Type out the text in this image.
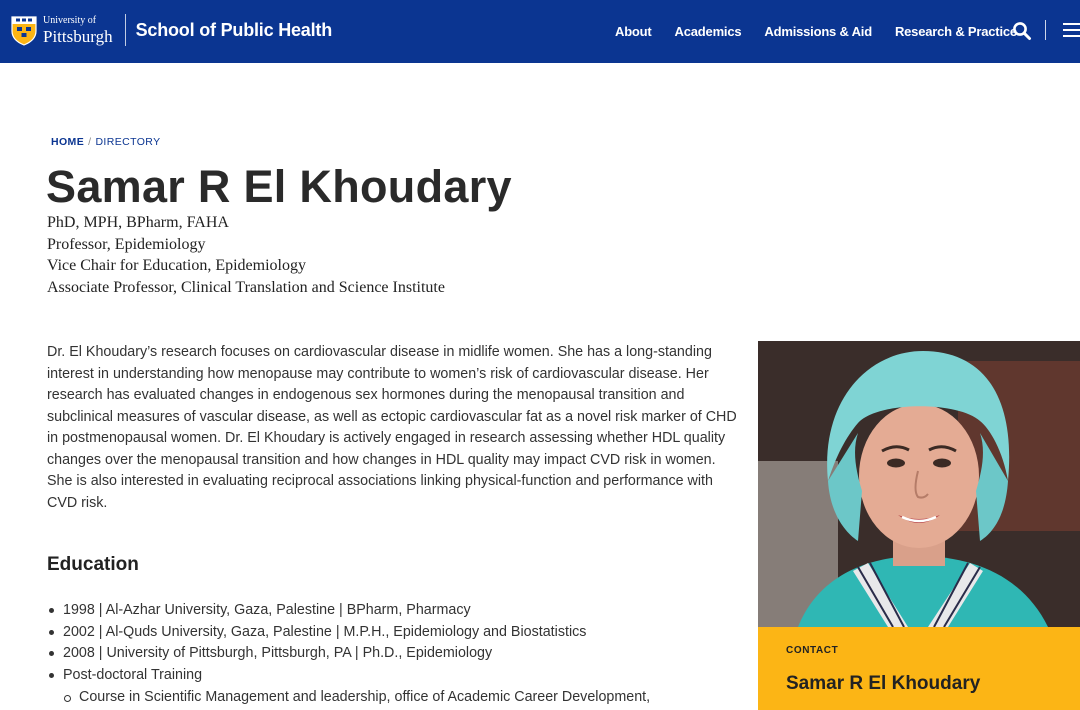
University of
Pittsburgh School of Public Health	About Academics Admissions & Aid Research & Practice
HOME / DIRECTORY
Samar R El Khoudary
PhD, MPH, BPharm, FAHA
Professor, Epidemiology
Vice Chair for Education, Epidemiology
Associate Professor, Clinical Translation and Science Institute

Dr. El Khoudary’s research focuses on cardiovascular disease in midlife women. She has a long-standing interest in understanding how menopause may contribute to women’s risk of cardiovascular disease. Her research has evaluated changes in endogenous sex hormones during the menopausal transition and subclinical measures of vascular disease, as well as ectopic cardiovascular fat as a novel risk marker of CHD in postmenopausal women. Dr. El Khoudary is actively engaged in research assessing whether HDL quality changes over the menopausal transition and how changes in HDL quality may impact CVD risk in women. She is also interested in evaluating reciprocal associations linking physical-function and performance with CVD risk.

Education
1998 | Al-Azhar University, Gaza, Palestine | BPharm, Pharmacy
2002 | Al-Quds University, Gaza, Palestine | M.P.H., Epidemiology and Biostatistics
2008 | University of Pittsburgh, Pittsburgh, PA | Ph.D., Epidemiology
Post-doctoral Training
Course in Scientific Management and leadership, office of Academic Career Development,
CONTACT
Samar R El Khoudary
